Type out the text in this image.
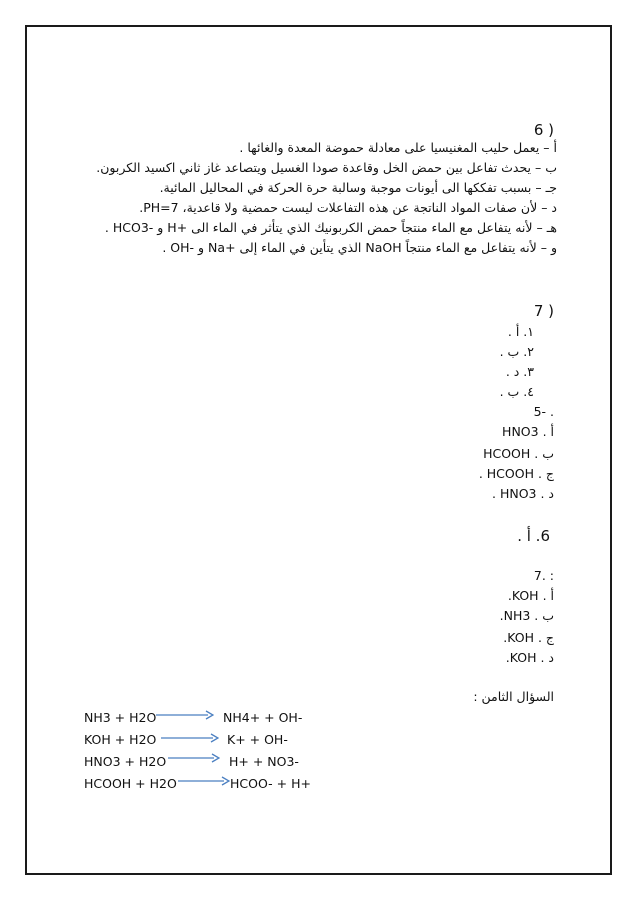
6 )
أ – يعمل حليب المغنيسيا على معادلة حموضة المعدة والغائها .
ب – يحدث تفاعل بين حمض الخل وقاعدة صودا الغسيل ويتصاعد غاز ثاني اكسيد الكربون.
جـ – بسبب تفككها الى أيونات موجبة وسالبة حرة الحركة في المحاليل المائية.
د – لأن صفات المواد الناتجة عن هذه التفاعلات ليست حمضية ولا قاعدية، PH=7.
هـ – لأنه يتفاعل مع الماء منتجاً حمض الكربونيك الذي يتأثر في الماء الى +H و -HCO3 .
و – لأنه يتفاعل مع الماء منتجاً NaOH الذي يتأين في الماء إلى +Na و -OH .
7 )
١. أ .
٢. ب .
٣. د .
٤. ب .
5- .
أ . HNO3
ب . HCOOH
ج . HCOOH .
د . HNO3 .
6. أ .
7. :
أ . KOH.
ب . NH3.
ج . KOH.
د . KOH.
السؤال الثامن :
NH3 + H2O	NH4+ + OH-
KOH + H2O	K+ + OH-
HNO3 + H2O	H+ + NO3-
HCOOH + H2O	HCOO- + H+
